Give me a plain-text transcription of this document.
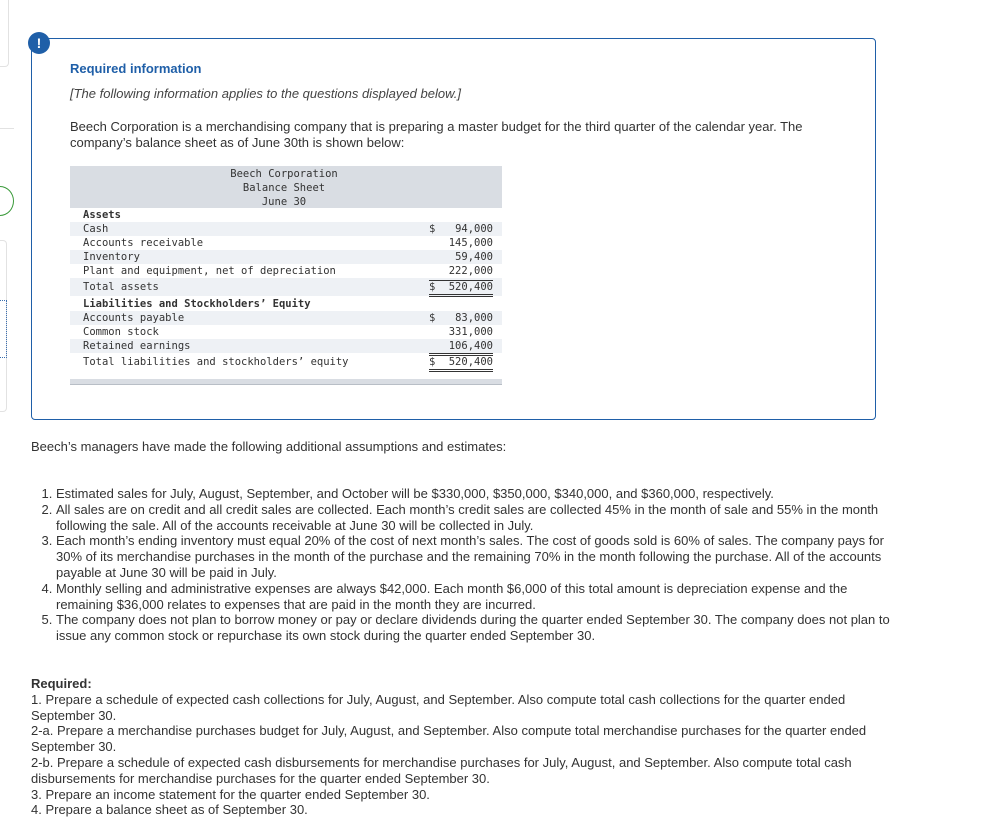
!
Required information
[The following information applies to the questions displayed below.]
Beech Corporation is a merchandising company that is preparing a master budget for the third quarter of the calendar year. The company’s balance sheet as of June 30th is shown below:
Beech Corporation
Balance Sheet
June 30
Assets
Cash	$ 94,000
Accounts receivable	145,000
Inventory	59,400
Plant and equipment, net of depreciation	222,000
Total assets	$ 520,400
Liabilities and Stockholders’ Equity
Accounts payable	$ 83,000
Common stock	331,000
Retained earnings	106,400
Total liabilities and stockholders’ equity	$ 520,400
Beech’s managers have made the following additional assumptions and estimates:
1. Estimated sales for July, August, September, and October will be $330,000, $350,000, $340,000, and $360,000, respectively.
2. All sales are on credit and all credit sales are collected. Each month’s credit sales are collected 45% in the month of sale and 55% in the month following the sale. All of the accounts receivable at June 30 will be collected in July.
3. Each month’s ending inventory must equal 20% of the cost of next month’s sales. The cost of goods sold is 60% of sales. The company pays for 30% of its merchandise purchases in the month of the purchase and the remaining 70% in the month following the purchase. All of the accounts payable at June 30 will be paid in July.
4. Monthly selling and administrative expenses are always $42,000. Each month $6,000 of this total amount is depreciation expense and the remaining $36,000 relates to expenses that are paid in the month they are incurred.
5. The company does not plan to borrow money or pay or declare dividends during the quarter ended September 30. The company does not plan to issue any common stock or repurchase its own stock during the quarter ended September 30.
Required:
1. Prepare a schedule of expected cash collections for July, August, and September. Also compute total cash collections for the quarter ended September 30.
2-a. Prepare a merchandise purchases budget for July, August, and September. Also compute total merchandise purchases for the quarter ended September 30.
2-b. Prepare a schedule of expected cash disbursements for merchandise purchases for July, August, and September. Also compute total cash disbursements for merchandise purchases for the quarter ended September 30.
3. Prepare an income statement for the quarter ended September 30.
4. Prepare a balance sheet as of September 30.
